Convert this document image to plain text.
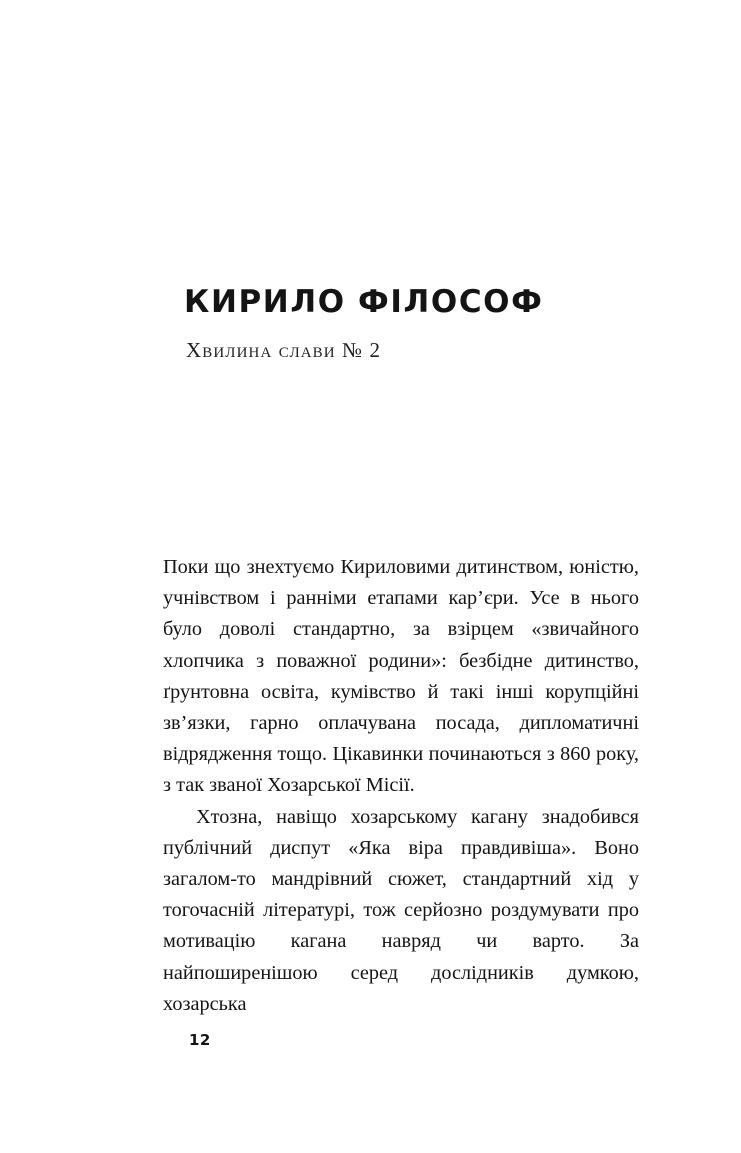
КИРИЛО ФІЛОСОФ
Хвилина слави № 2

Поки що знехтуємо Кириловими дитинством, юністю, учнівством і ранніми етапами кар’єри. Усе в нього було доволі стандартно, за взірцем «звичайного хлопчика з поважної родини»: безбідне дитинство, ґрунтовна освіта, кумівство й такі інші корупційні зв’язки, гарно оплачувана посада, дипломатичні відрядження тощо. Цікавинки починаються з 860 року, з так званої Хозарської Місії.

Хтозна, навіщо хозарському кагану знадобився публічний диспут «Яка віра правдивіша». Воно загалом-то мандрівний сюжет, стандартний хід у тогочасній літературі, тож серйозно роздумувати про мотивацію кагана навряд чи варто. За найпоширенішою серед дослідників думкою, хозарська

12
